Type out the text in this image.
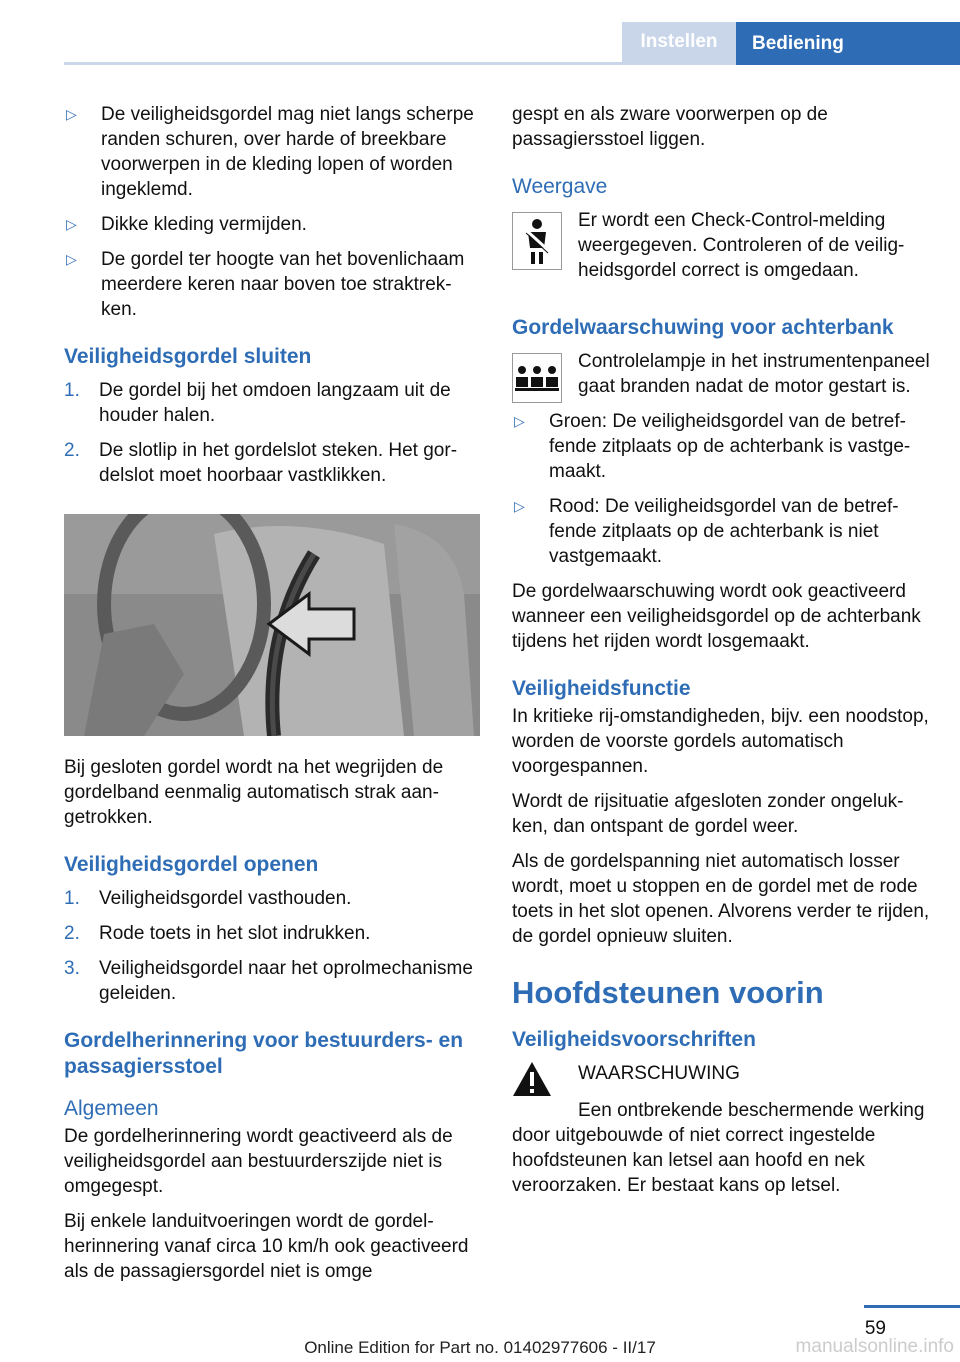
Instellen	Bediening
▷	De veiligheidsgordel mag niet langs scherpe randen schuren, over harde of breekbare voorwerpen in de kleding lopen of worden ingeklemd.
▷	Dikke kleding vermijden.
▷	De gordel ter hoogte van het bovenlichaam meerdere keren naar boven toe straktrekken.
Veiligheidsgordel sluiten
1.	De gordel bij het omdoen langzaam uit de houder halen.
2.	De slotlip in het gordelslot steken. Het gordelslot moet hoorbaar vastklikken.

Bij gesloten gordel wordt na het wegrijden de gordelband eenmalig automatisch strak aangetrokken.

Veiligheidsgordel openen
1.	Veiligheidsgordel vasthouden.
2.	Rode toets in het slot indrukken.
3.	Veiligheidsgordel naar het oprolmechanisme geleiden.
Gordelherinnering voor bestuurders- en passagiersstoel
Algemeen

De gordelherinnering wordt geactiveerd als de veiligheidsgordel aan bestuurderszijde niet is omgegespt.

Bij enkele landuitvoeringen wordt de gordelherinnering vanaf circa 10 km/h ook geactiveerd als de passagiersgordel niet is omge

gespt en als zware voorwerpen op de passagiersstoel liggen.

Weergave

Er wordt een Check-Control-melding weergegeven. Controleren of de veiligheidsgordel correct is omgedaan.

Gordelwaarschuwing voor achterbank

Controlelampje in het instrumentenpaneel gaat branden nadat de motor gestart is.

▷	Groen: De veiligheidsgordel van de betreffende zitplaats op de achterbank is vastgemaakt.
▷	Rood: De veiligheidsgordel van de betreffende zitplaats op de achterbank is niet vastgemaakt.

De gordelwaarschuwing wordt ook geactiveerd wanneer een veiligheidsgordel op de achterbank tijdens het rijden wordt losgemaakt.

Veiligheidsfunctie

In kritieke rij-omstandigheden, bijv. een noodstop, worden de voorste gordels automatisch voorgespannen.

Wordt de rijsituatie afgesloten zonder ongelukken, dan ontspant de gordel weer.

Als de gordelspanning niet automatisch losser wordt, moet u stoppen en de gordel met de rode toets in het slot openen. Alvorens verder te rijden, de gordel opnieuw sluiten.

Hoofdsteunen voorin
Veiligheidsvoorschriften

WAARSCHUWING

Een ontbrekende beschermende werking door uitgebouwde of niet correct ingestelde hoofdsteunen kan letsel aan hoofd en nek veroorzaken. Er bestaat kans op letsel.

59
Online Edition for Part no. 01402977606 - II/17	manualsonline.info
